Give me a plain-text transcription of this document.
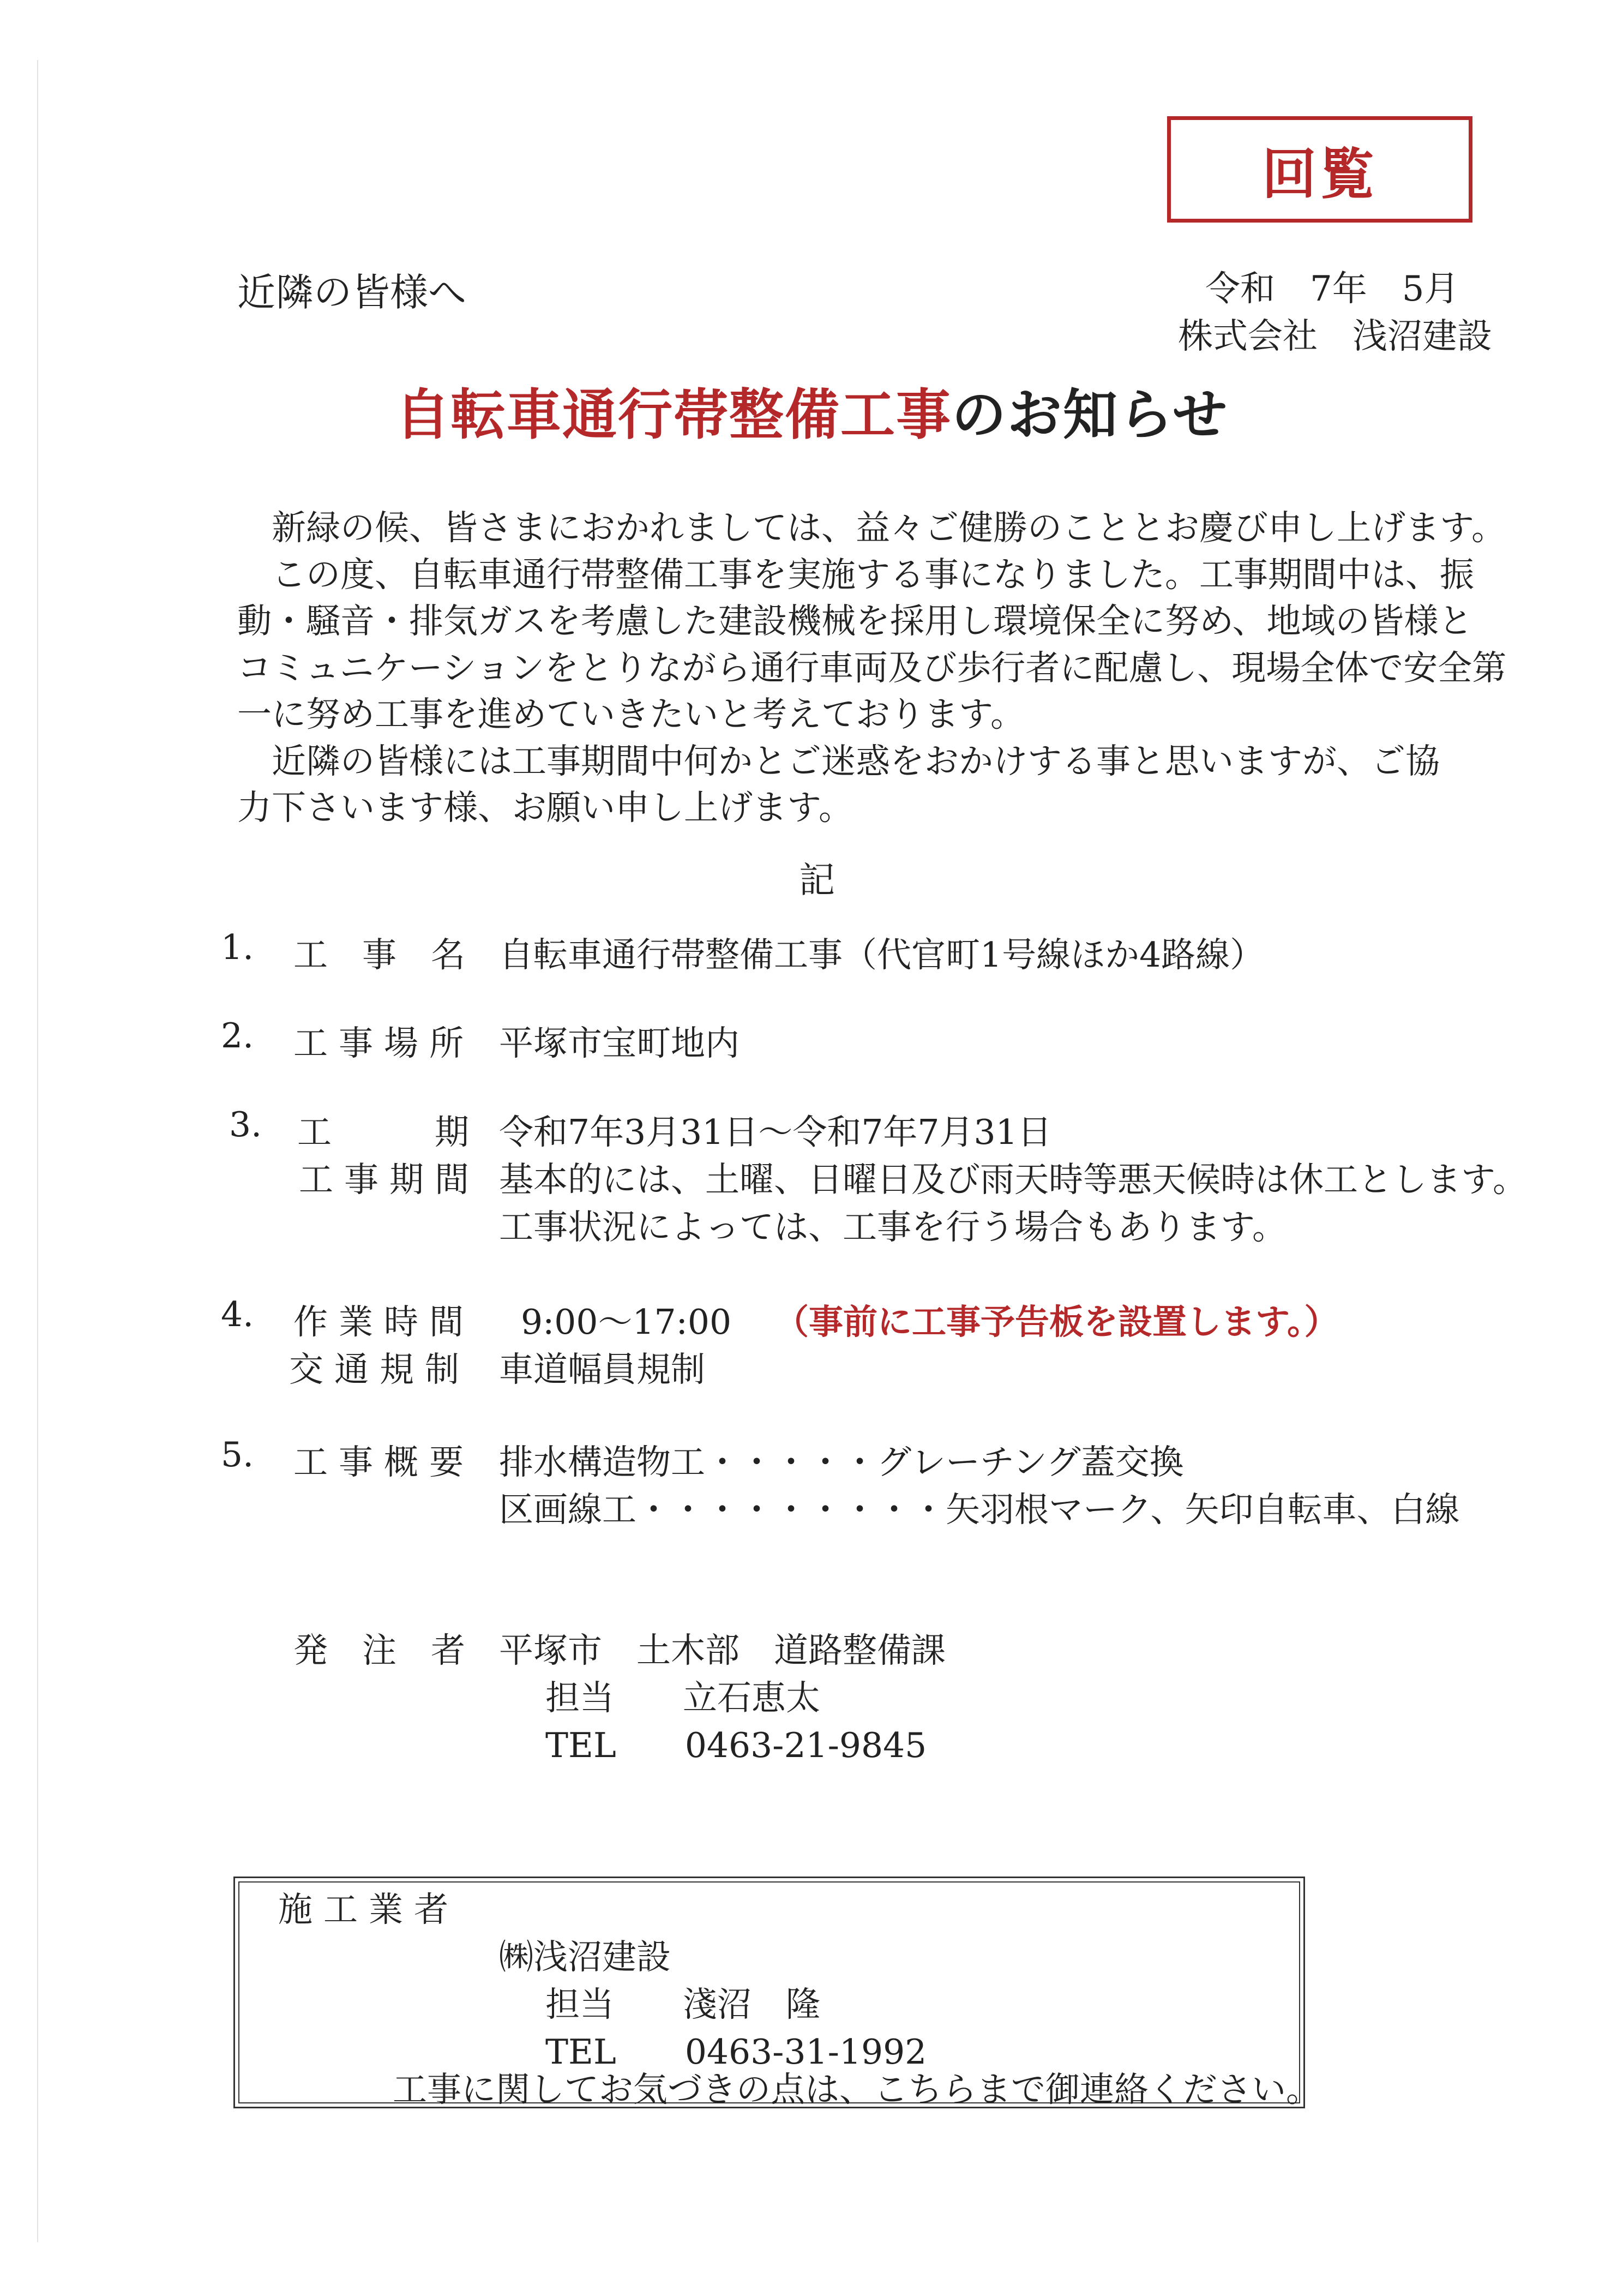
回覧
近隣の皆様へ	令和　7年　5月
株式会社　浅沼建設
自転車通行帯整備工事のお知らせ

　新緑の候、皆さまにおかれましては、益々ご健勝のこととお慶び申し上げます。

　この度、自転車通行帯整備工事を実施する事になりました。工事期間中は、振

動・騒音・排気ガスを考慮した建設機械を採用し環境保全に努め、地域の皆様と

コミュニケーションをとりながら通行車両及び歩行者に配慮し、現場全体で安全第

一に努め工事を進めていきたいと考えております。

　近隣の皆様には工事期間中何かとご迷惑をおかけする事と思いますが、ご協

力下さいます様、お願い申し上げます。

記
1. 工　事　名 自転車通行帯整備工事（代官町1号線ほか4路線）
2. 工 事 場 所 平塚市宝町地内
3. 工　　　期 令和7年3月31日～令和7年7月31日
工 事 期 間 基本的には、土曜、日曜日及び雨天時等悪天候時は休工とします。
工事状況によっては、工事を行う場合もあります。
4. 作 業 時 間 9:00～17:00 （事前に工事予告板を設置します。）
交 通 規 制 車道幅員規制
5. 工 事 概 要 排水構造物工・・・・・グレーチング蓋交換
区画線工・・・・・・・・・矢羽根マーク、矢印自転車、白線
発　注　者 平塚市　土木部　道路整備課
担当　　立石恵太
TEL　　0463-21-9845
施 工 業 者
㈱浅沼建設
担当　　淺沼　隆
TEL　　0463-31-1992
工事に関してお気づきの点は、こちらまで御連絡ください。
